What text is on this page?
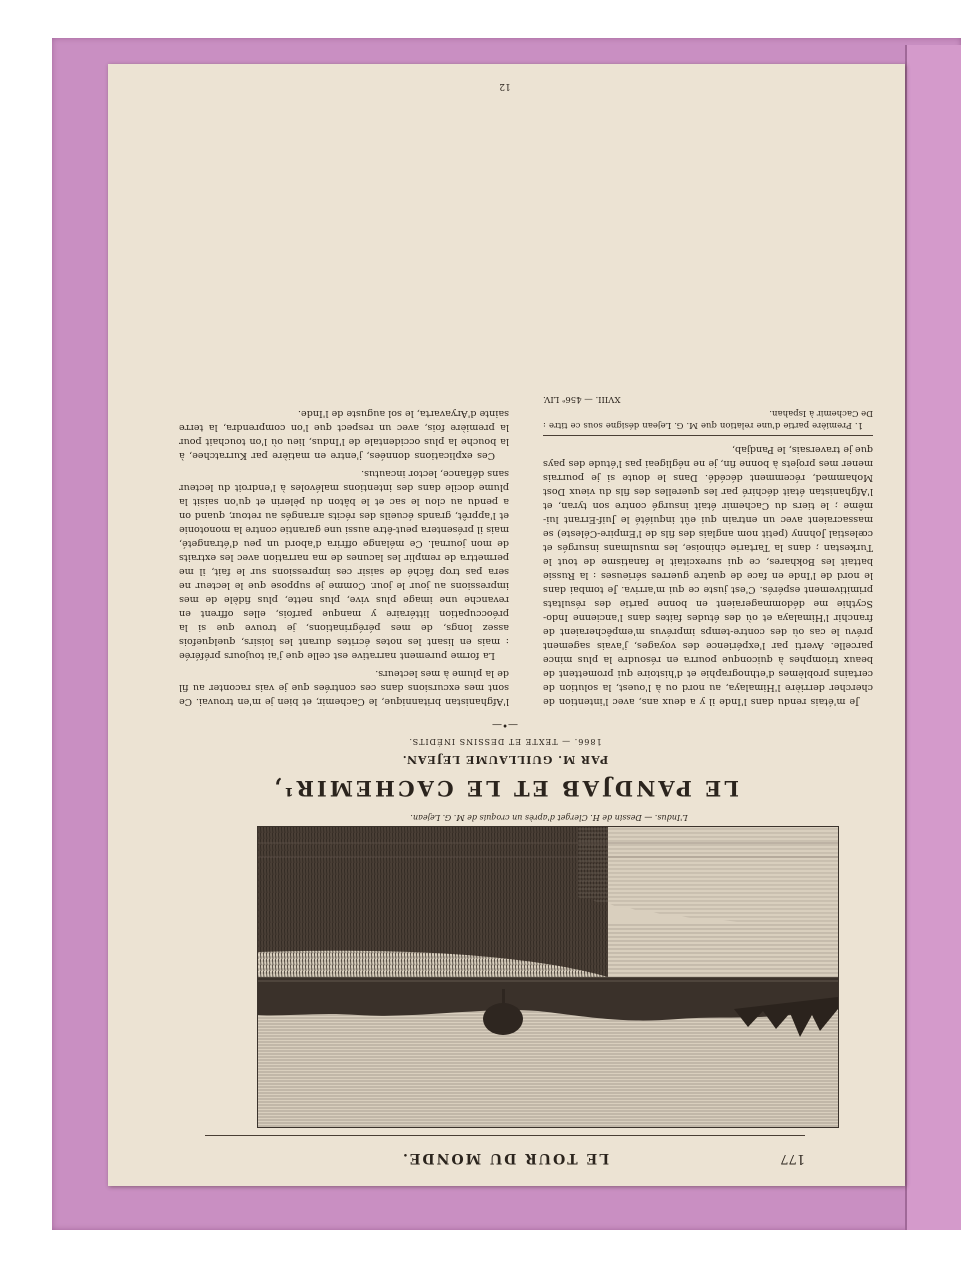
177
LE TOUR DU MONDE.
L'Indus. — Dessin de H. Clerget d'après un croquis de M. G. Lejean.
LE PANDJAB ET LE CACHEMIR¹,
PAR M. GUILLAUME LEJEAN.
1866. — TEXTE ET DESSINS INÉDITS.
—•—

Je m'étais rendu dans l'Inde il y a deux ans, avec l'intention de chercher derrière l'Himalaya, au nord ou à l'ouest, la solution de certains problèmes d'ethnographie et d'histoire qui promettent de beaux triomphes à quiconque pourra en résoudre la plus mince parcelle. Averti par l'expérience des voyages, j'avais sagement prévu le cas où des contre-temps imprévus m'empêcheraient de franchir l'Himalaya et où des études faites dans l'ancienne Indo-Scythie me dédommageraient en bonne partie des résultats primitivement espérés. C'est juste ce qui m'arriva. Je tombai dans le nord de l'Inde en face de quatre guerres sérieuses : la Russie battait les Bokhares, ce qui surexcitait le fanatisme de tout le Turkestan ; dans la Tartarie chinoise, les musulmans insurgés et cœlestial Johnny (petit nom anglais des fils de l'Empire-Céleste) se massacraient avec un entrain qui eût inquiété le Juif-Errant lui-même ; le tiers du Cachemir était insurgé contre son tyran, et l'Afghanistan était déchiré par les querelles des fils du vieux Dost Mohammed, récemment décédé. Dans le doute si je pourrais mener mes projets à bonne fin, je ne négligeai pas l'étude des pays que je traversais, le Pandjab,

1. Première partie d'une relation que M. G. Lejean désigne sous ce titre : De Cachemir à Ispahan.

XVIII. — 456ᵉ LIV.

l'Afghanistan britannique, le Cachemir, et bien je m'en trouvai. Ce sont mes excursions dans ces contrées que je vais raconter au fil de la plume à mes lecteurs.

La forme purement narrative est celle que j'ai toujours préférée : mais en lisant les notes écrites durant les loisirs, quelquefois assez longs, de mes pérégrinations, je trouve que si la préoccupation littéraire y manque parfois, elles offrent en revanche une image plus vive, plus nette, plus fidèle de mes impressions au jour le jour. Comme je suppose que le lecteur ne sera pas trop fâché de saisir ces impressions sur le fait, il me permettra de remplir les lacunes de ma narration avec les extraits de mon journal. Ce mélange offrira d'abord un peu d'étrangeté, mais il présentera peut-être aussi une garantie contre la monotonie et l'apprêt, grands écueils des récits arrangés au retour, quand on a pendu au clou le sac et le bâton du pèlerin et qu'on saisit la plume docile dans des intentions malévoles à l'endroit du lecteur sans défiance, lector incautus.

Ces explications données, j'entre en matière par Kurratchee, à la bouche la plus occidentale de l'Indus, lieu où l'on touchait pour la première fois, avec un respect que l'on comprendra, la terre sainte d'Aryavarta, le sol auguste de l'Inde.

12
